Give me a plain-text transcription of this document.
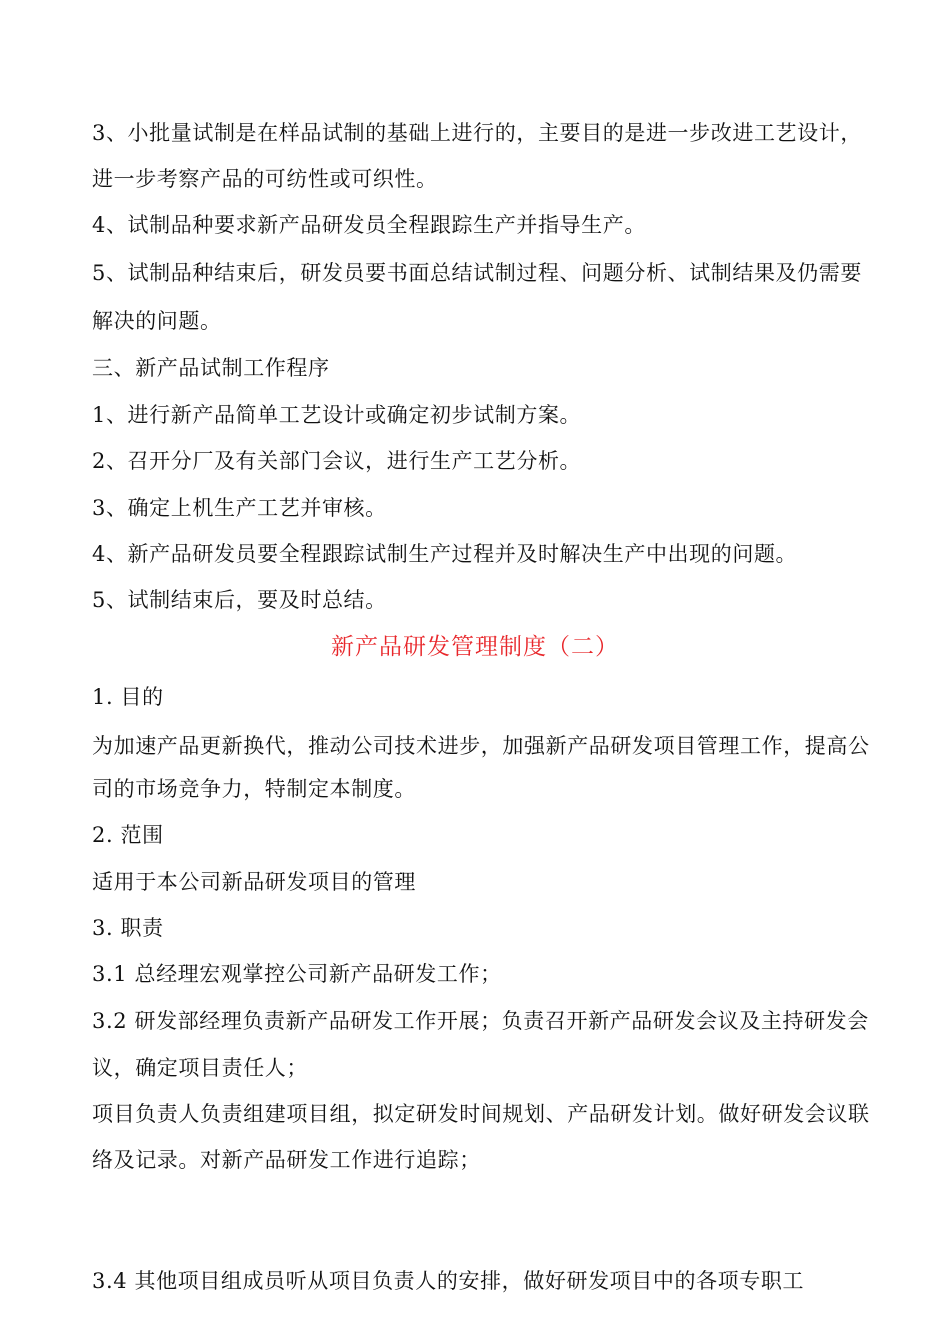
3、小批量试制是在样品试制的基础上进行的，主要目的是进一步改进工艺设计，
进一步考察产品的可纺性或可织性。
4、试制品种要求新产品研发员全程跟踪生产并指导生产。
5、试制品种结束后，研发员要书面总结试制过程、问题分析、试制结果及仍需要
解决的问题。
三、新产品试制工作程序
1、进行新产品简单工艺设计或确定初步试制方案。
2、召开分厂及有关部门会议，进行生产工艺分析。
3、确定上机生产工艺并审核。
4、新产品研发员要全程跟踪试制生产过程并及时解决生产中出现的问题。
5、试制结束后，要及时总结。
新产品研发管理制度（二）
1. 目的
为加速产品更新换代，推动公司技术进步，加强新产品研发项目管理工作，提高公
司的市场竞争力，特制定本制度。
2. 范围
适用于本公司新品研发项目的管理
3. 职责
3.1 总经理宏观掌控公司新产品研发工作；
3.2 研发部经理负责新产品研发工作开展；负责召开新产品研发会议及主持研发会
议，确定项目责任人；
项目负责人负责组建项目组，拟定研发时间规划、产品研发计划。做好研发会议联
络及记录。对新产品研发工作进行追踪；
3.4 其他项目组成员听从项目负责人的安排，做好研发项目中的各项专职工
